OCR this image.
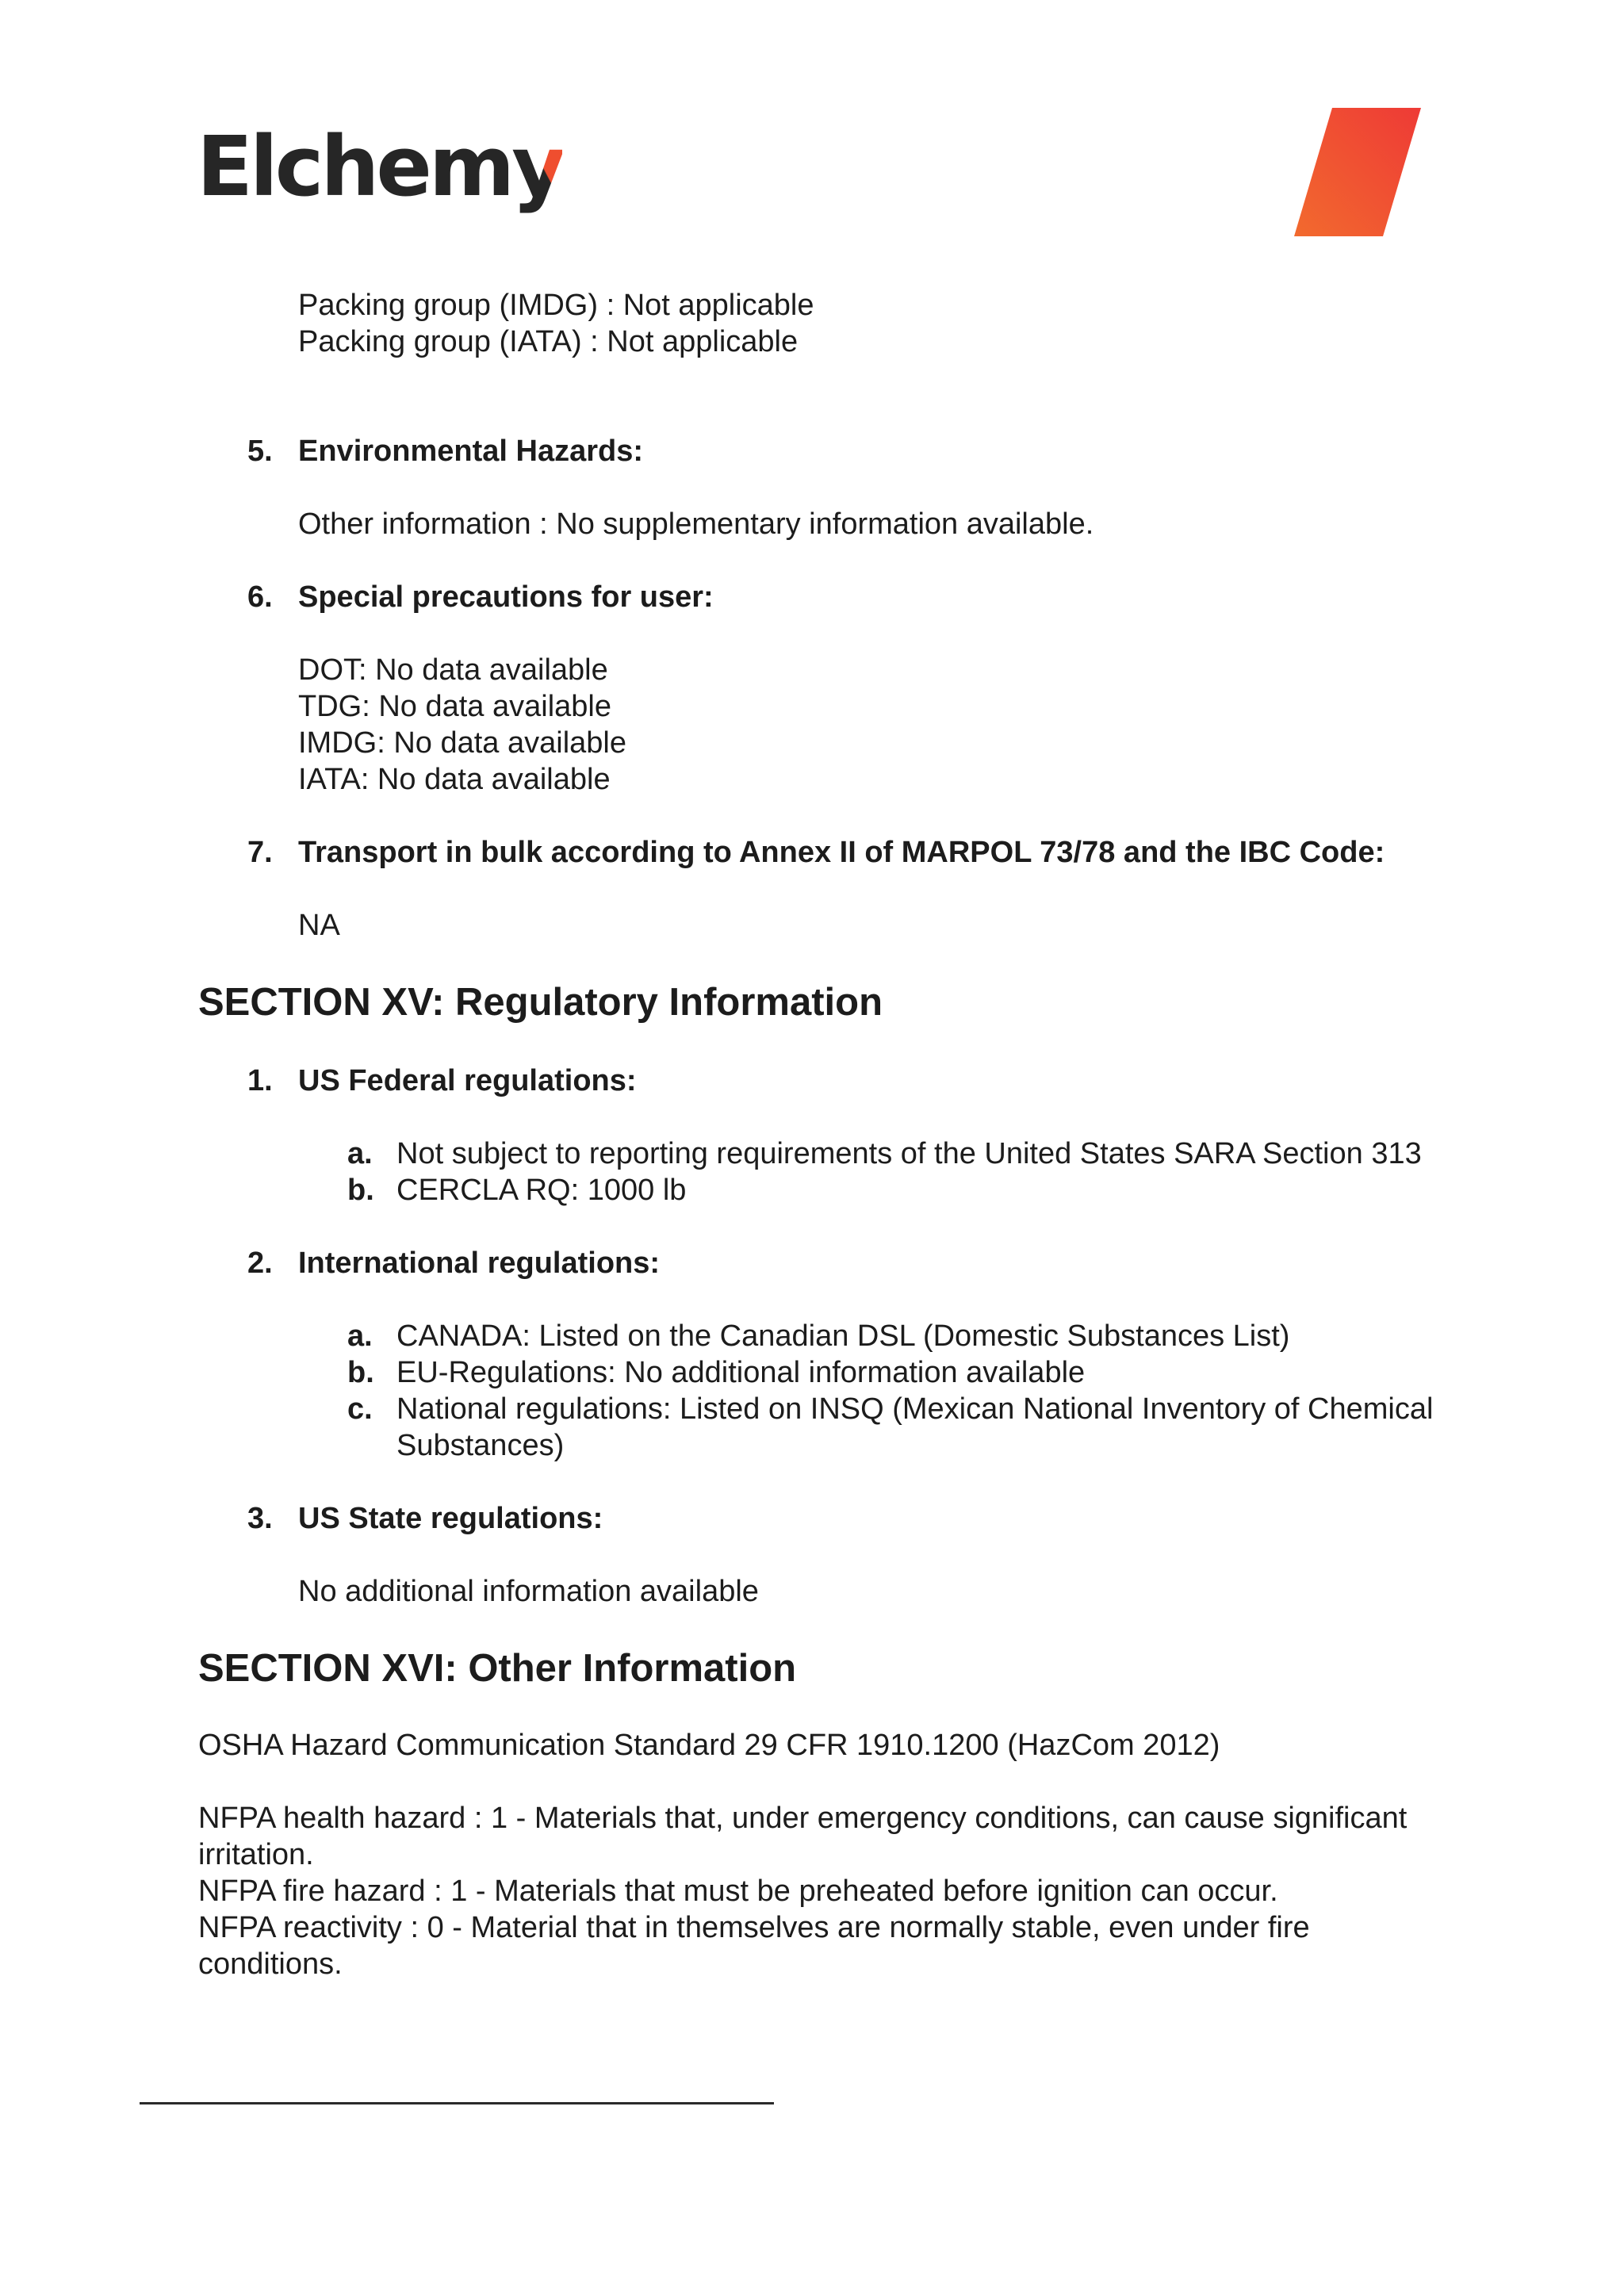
Elchemy
Packing group (IMDG) : Not applicable
Packing group (IATA) : Not applicable
5. Environmental Hazards:
Other information : No supplementary information available.
6. Special precautions for user:
DOT: No data available
TDG: No data available
IMDG: No data available
IATA: No data available
7. Transport in bulk according to Annex II of MARPOL 73/78 and the IBC Code:
NA
SECTION XV: Regulatory Information
1. US Federal regulations:
a. Not subject to reporting requirements of the United States SARA Section 313
b. CERCLA RQ: 1000 lb
2. International regulations:
a. CANADA: Listed on the Canadian DSL (Domestic Substances List)
b. EU-Regulations: No additional information available
c. National regulations: Listed on INSQ (Mexican National Inventory of Chemical
Substances)
3. US State regulations:
No additional information available
SECTION XVI: Other Information
OSHA Hazard Communication Standard 29 CFR 1910.1200 (HazCom 2012)
NFPA health hazard : 1 - Materials that, under emergency conditions, can cause significant
irritation.
NFPA fire hazard : 1 - Materials that must be preheated before ignition can occur.
NFPA reactivity : 0 - Material that in themselves are normally stable, even under fire
conditions.
